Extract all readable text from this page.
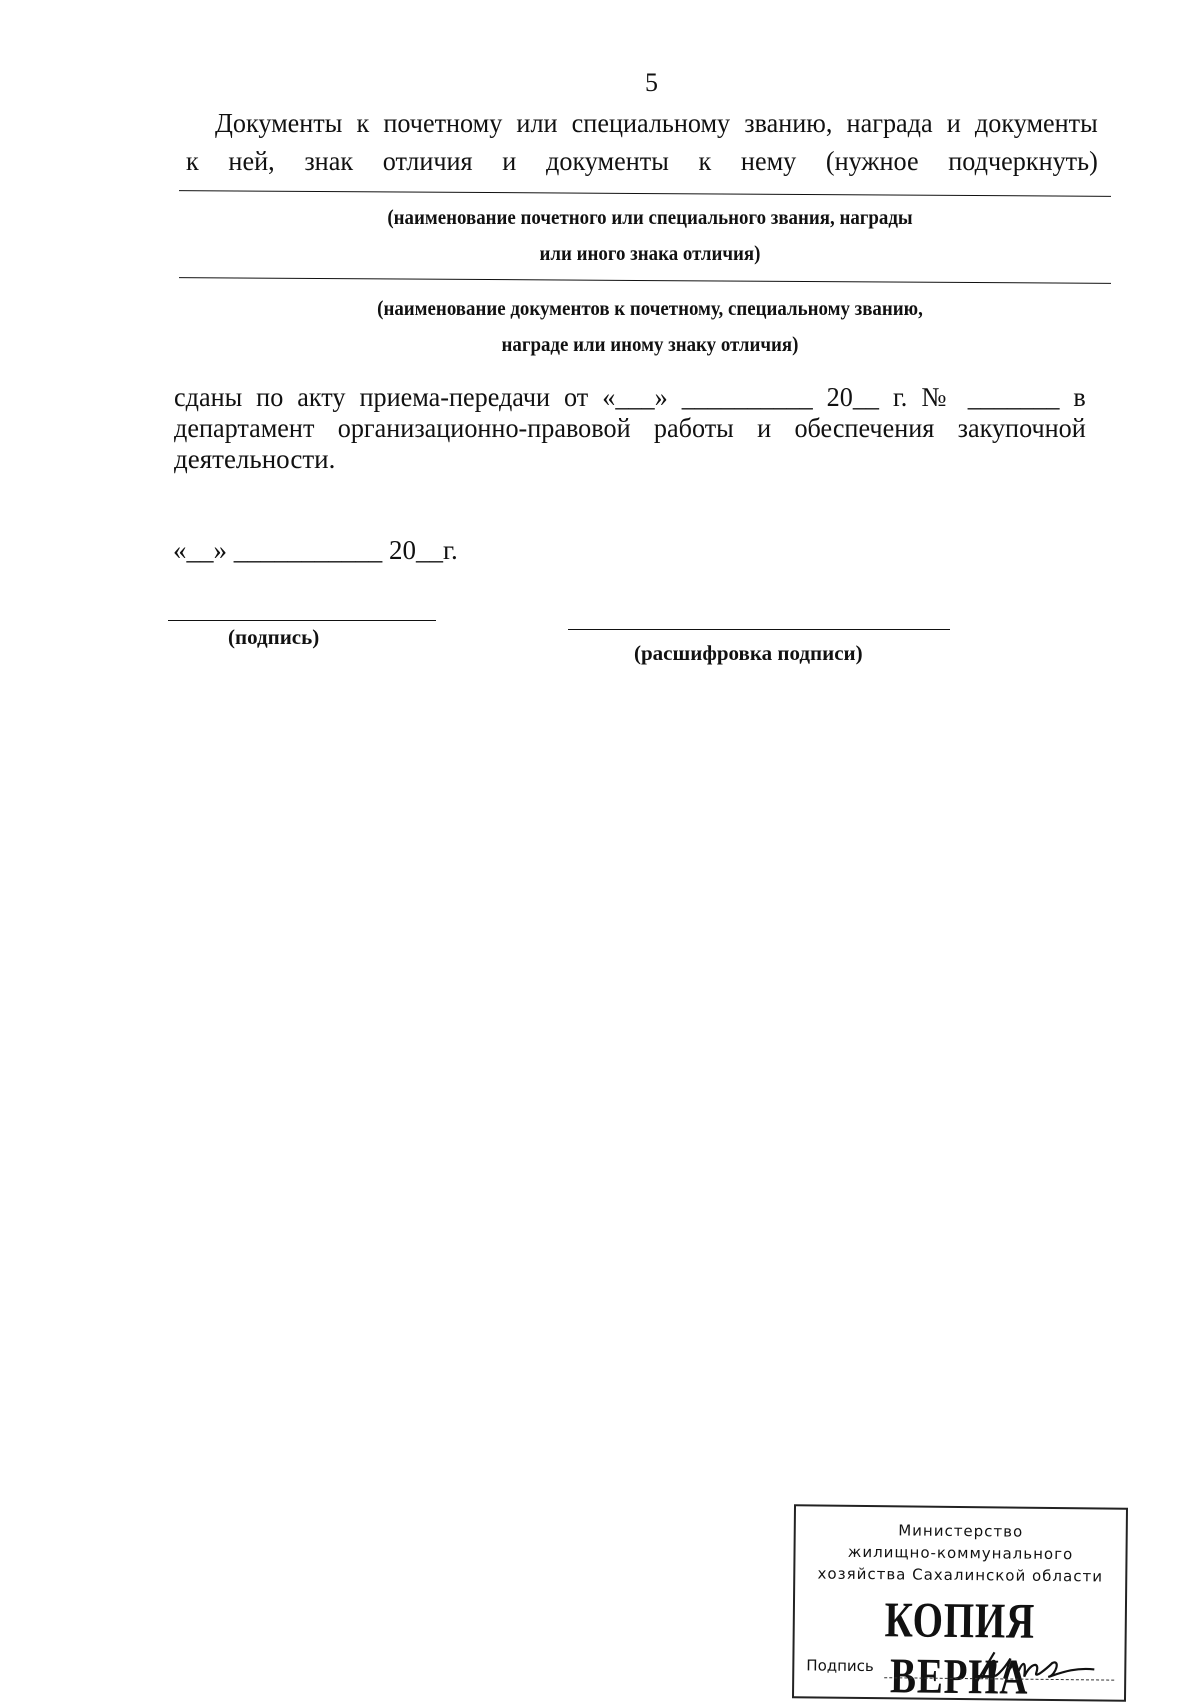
5
Документы к почетному или специальному званию, награда и документы
к ней, знак отличия и документы к нему (нужное подчеркнуть)
(наименование почетного или специального звания, награды
или иного знака отличия)
(наименование документов к почетному, специальному званию,
награде или иному знаку отличия)
сданы по акту приема-передачи от «___» __________ 20__ г. № _______ в
департамент организационно-правовой работы и обеспечения закупочной
деятельности.
«__» ___________ 20__г.
(подпись)
(расшифровка подписи)
Министерство
жилищно-коммунального
хозяйства Сахалинской области
КОПИЯ ВЕРНА
Подпись
